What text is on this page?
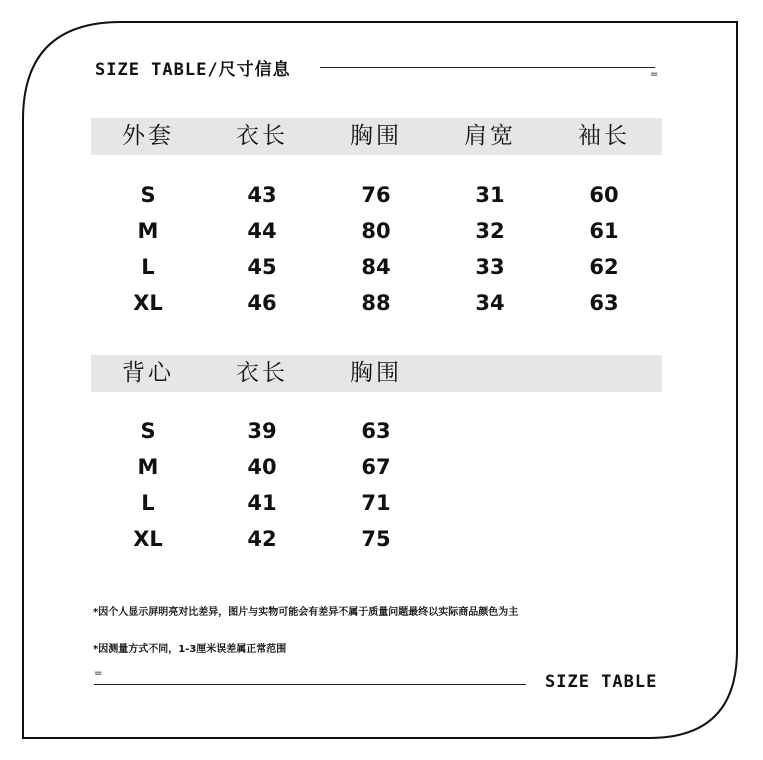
SIZE TABLE/尺寸信息	=
外套	衣长	胸围	肩宽	袖长
S	43	76	31	60
M	44	80	32	61
L	45	84	33	62
XL	46	88	34	63
背心	衣长	胸围
S	39	63
M	40	67
L	41	71
XL	42	75
*因个人显示屏明亮对比差异，图片与实物可能会有差异不属于质量问题最终以实际商品颜色为主
*因测量方式不同，1-3厘米误差属正常范围
=	SIZE TABLE
